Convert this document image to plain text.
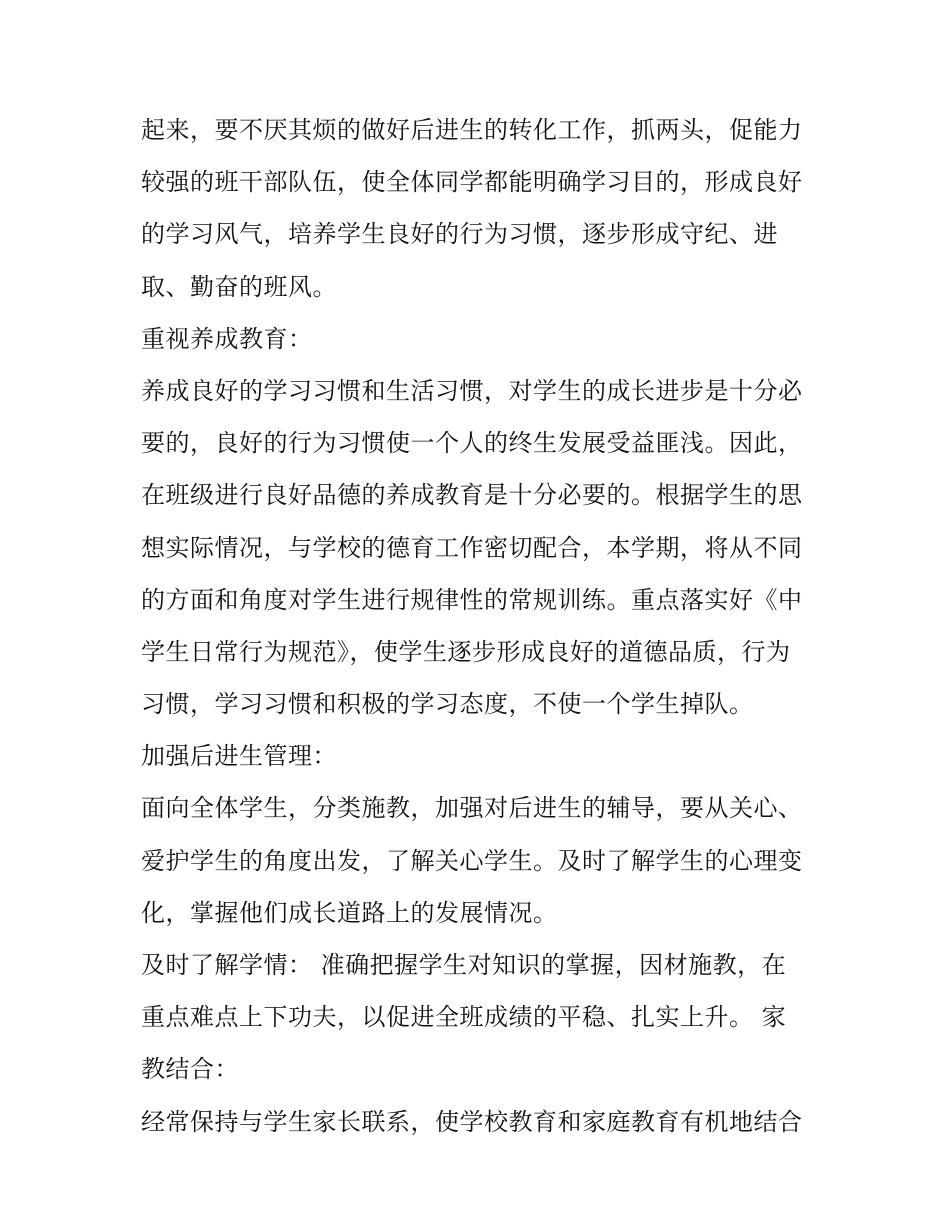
起来，要不厌其烦的做好后进生的转化工作，抓两头，促能力
较强的班干部队伍，使全体同学都能明确学习目的，形成良好
的学习风气，培养学生良好的行为习惯，逐步形成守纪、进
取、勤奋的班风。
重视养成教育：
养成良好的学习习惯和生活习惯，对学生的成长进步是十分必
要的，良好的行为习惯使一个人的终生发展受益匪浅。因此，
在班级进行良好品德的养成教育是十分必要的。根据学生的思
想实际情况，与学校的德育工作密切配合，本学期，将从不同
的方面和角度对学生进行规律性的常规训练。重点落实好《中
学生日常行为规范》，使学生逐步形成良好的道德品质，行为
习惯，学习习惯和积极的学习态度，不使一个学生掉队。
加强后进生管理：
面向全体学生，分类施教，加强对后进生的辅导，要从关心、
爱护学生的角度出发，了解关心学生。及时了解学生的心理变
化，掌握他们成长道路上的发展情况。
及时了解学情： 准确把握学生对知识的掌握，因材施教，在
重点难点上下功夫，以促进全班成绩的平稳、扎实上升。 家
教结合：
经常保持与学生家长联系，使学校教育和家庭教育有机地结合
